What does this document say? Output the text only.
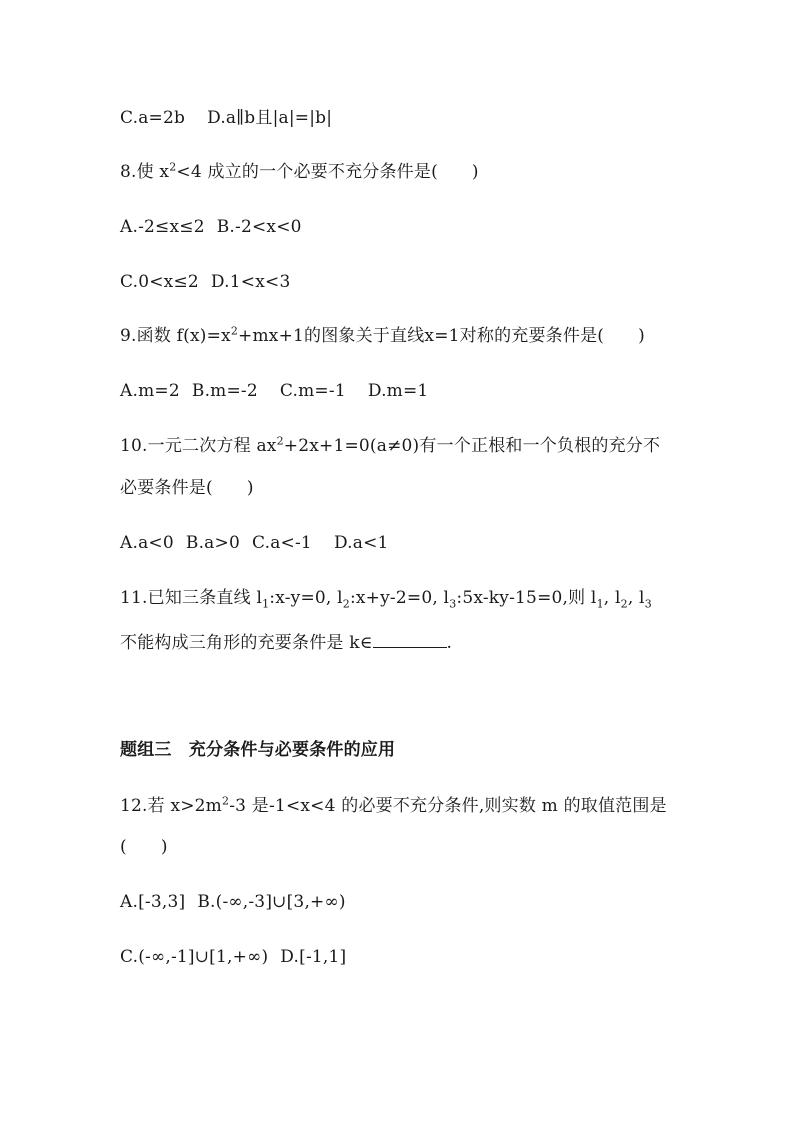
C.a=2b D.a∥b且|a|=|b|
8.使 $x^2<4$ 成立的一个必要不充分条件是( )
A.-2≤x≤2 B.-2<x<0
C.0<x≤2 D.1<x<3
9.函数 $f(x)=x^2+mx+1$的图象关于直线x=1对称的充要条件是( )
A.m=2 B.m=-2 C.m=-1 D.m=1
10.一元二次方程 $ax^2+2x+1=0(a\ne 0)$有一个正根和一个负根的充分不
必要条件是( )
A.a<0 B.a>0 C.a<-1 D.a<1
11.已知三条直线 $l_1:x-y=0$, $l_2:x+y-2=0$, $l_3:5x-ky-15=0$,则 $l_1$, $l_2$, $l_3$
不能构成三角形的充要条件是 k∈	.
题组三　充分条件与必要条件的应用
12.若 $x>2m^2-3$ 是-1<x<4 的必要不充分条件,则实数 m 的取值范围是
( )
A.[-3,3] B.(-∞,-3]∪[3,+∞)
C.(-∞,-1]∪[1,+∞) D.[-1,1]
